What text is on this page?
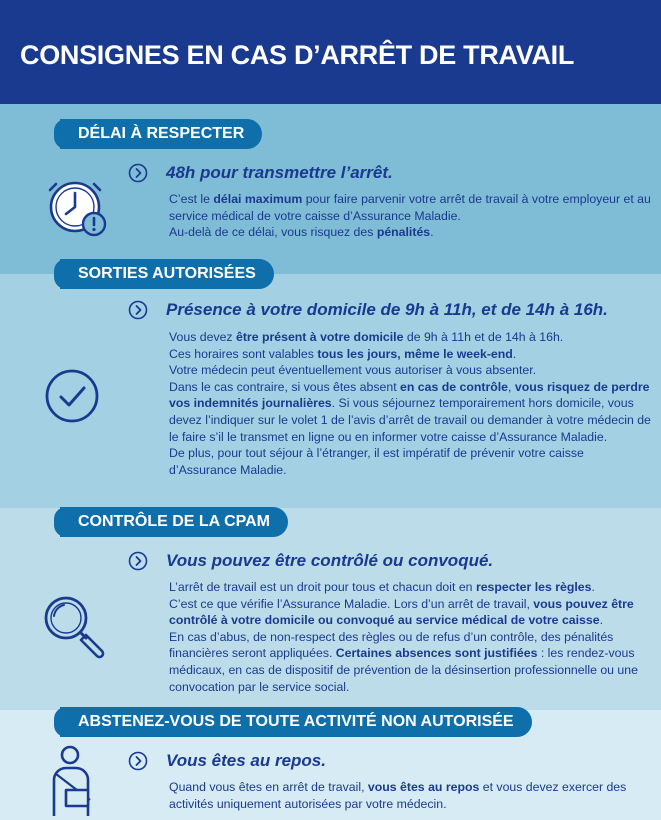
CONSIGNES EN CAS D’ARRÊT DE TRAVAIL
DÉLAI À RESPECTER
48h pour transmettre l’arrêt.
C’est le délai maximum pour faire parvenir votre arrêt de travail à votre employeur et au service médical de votre caisse d’Assurance Maladie.
Au-delà de ce délai, vous risquez des pénalités.
SORTIES AUTORISÉES
Présence à votre domicile de 9h à 11h, et de 14h à 16h.
Vous devez être présent à votre domicile de 9h à 11h et de 14h à 16h.
Ces horaires sont valables tous les jours, même le week-end.
Votre médecin peut éventuellement vous autoriser à vous absenter.
Dans le cas contraire, si vous êtes absent en cas de contrôle, vous risquez de perdre vos indemnités journalières. Si vous séjournez temporairement hors domicile, vous devez l’indiquer sur le volet 1 de l’avis d’arrêt de travail ou demander à votre médecin de le faire s’il le transmet en ligne ou en informer votre caisse d’Assurance Maladie.
De plus, pour tout séjour à l’étranger, il est impératif de prévenir votre caisse d’Assurance Maladie.
CONTRÔLE DE LA CPAM
Vous pouvez être contrôlé ou convoqué.
L’arrêt de travail est un droit pour tous et chacun doit en respecter les règles.
C’est ce que vérifie l’Assurance Maladie. Lors d’un arrêt de travail, vous pouvez être contrôlé à votre domicile ou convoqué au service médical de votre caisse.
En cas d’abus, de non-respect des règles ou de refus d’un contrôle, des pénalités financières seront appliquées. Certaines absences sont justifiées : les rendez-vous médicaux, en cas de dispositif de prévention de la désinsertion professionnelle ou une convocation par le service social.
ABSTENEZ-VOUS DE TOUTE ACTIVITÉ NON AUTORISÉE
Vous êtes au repos.
Quand vous êtes en arrêt de travail, vous êtes au repos et vous devez exercer des activités uniquement autorisées par votre médecin.
